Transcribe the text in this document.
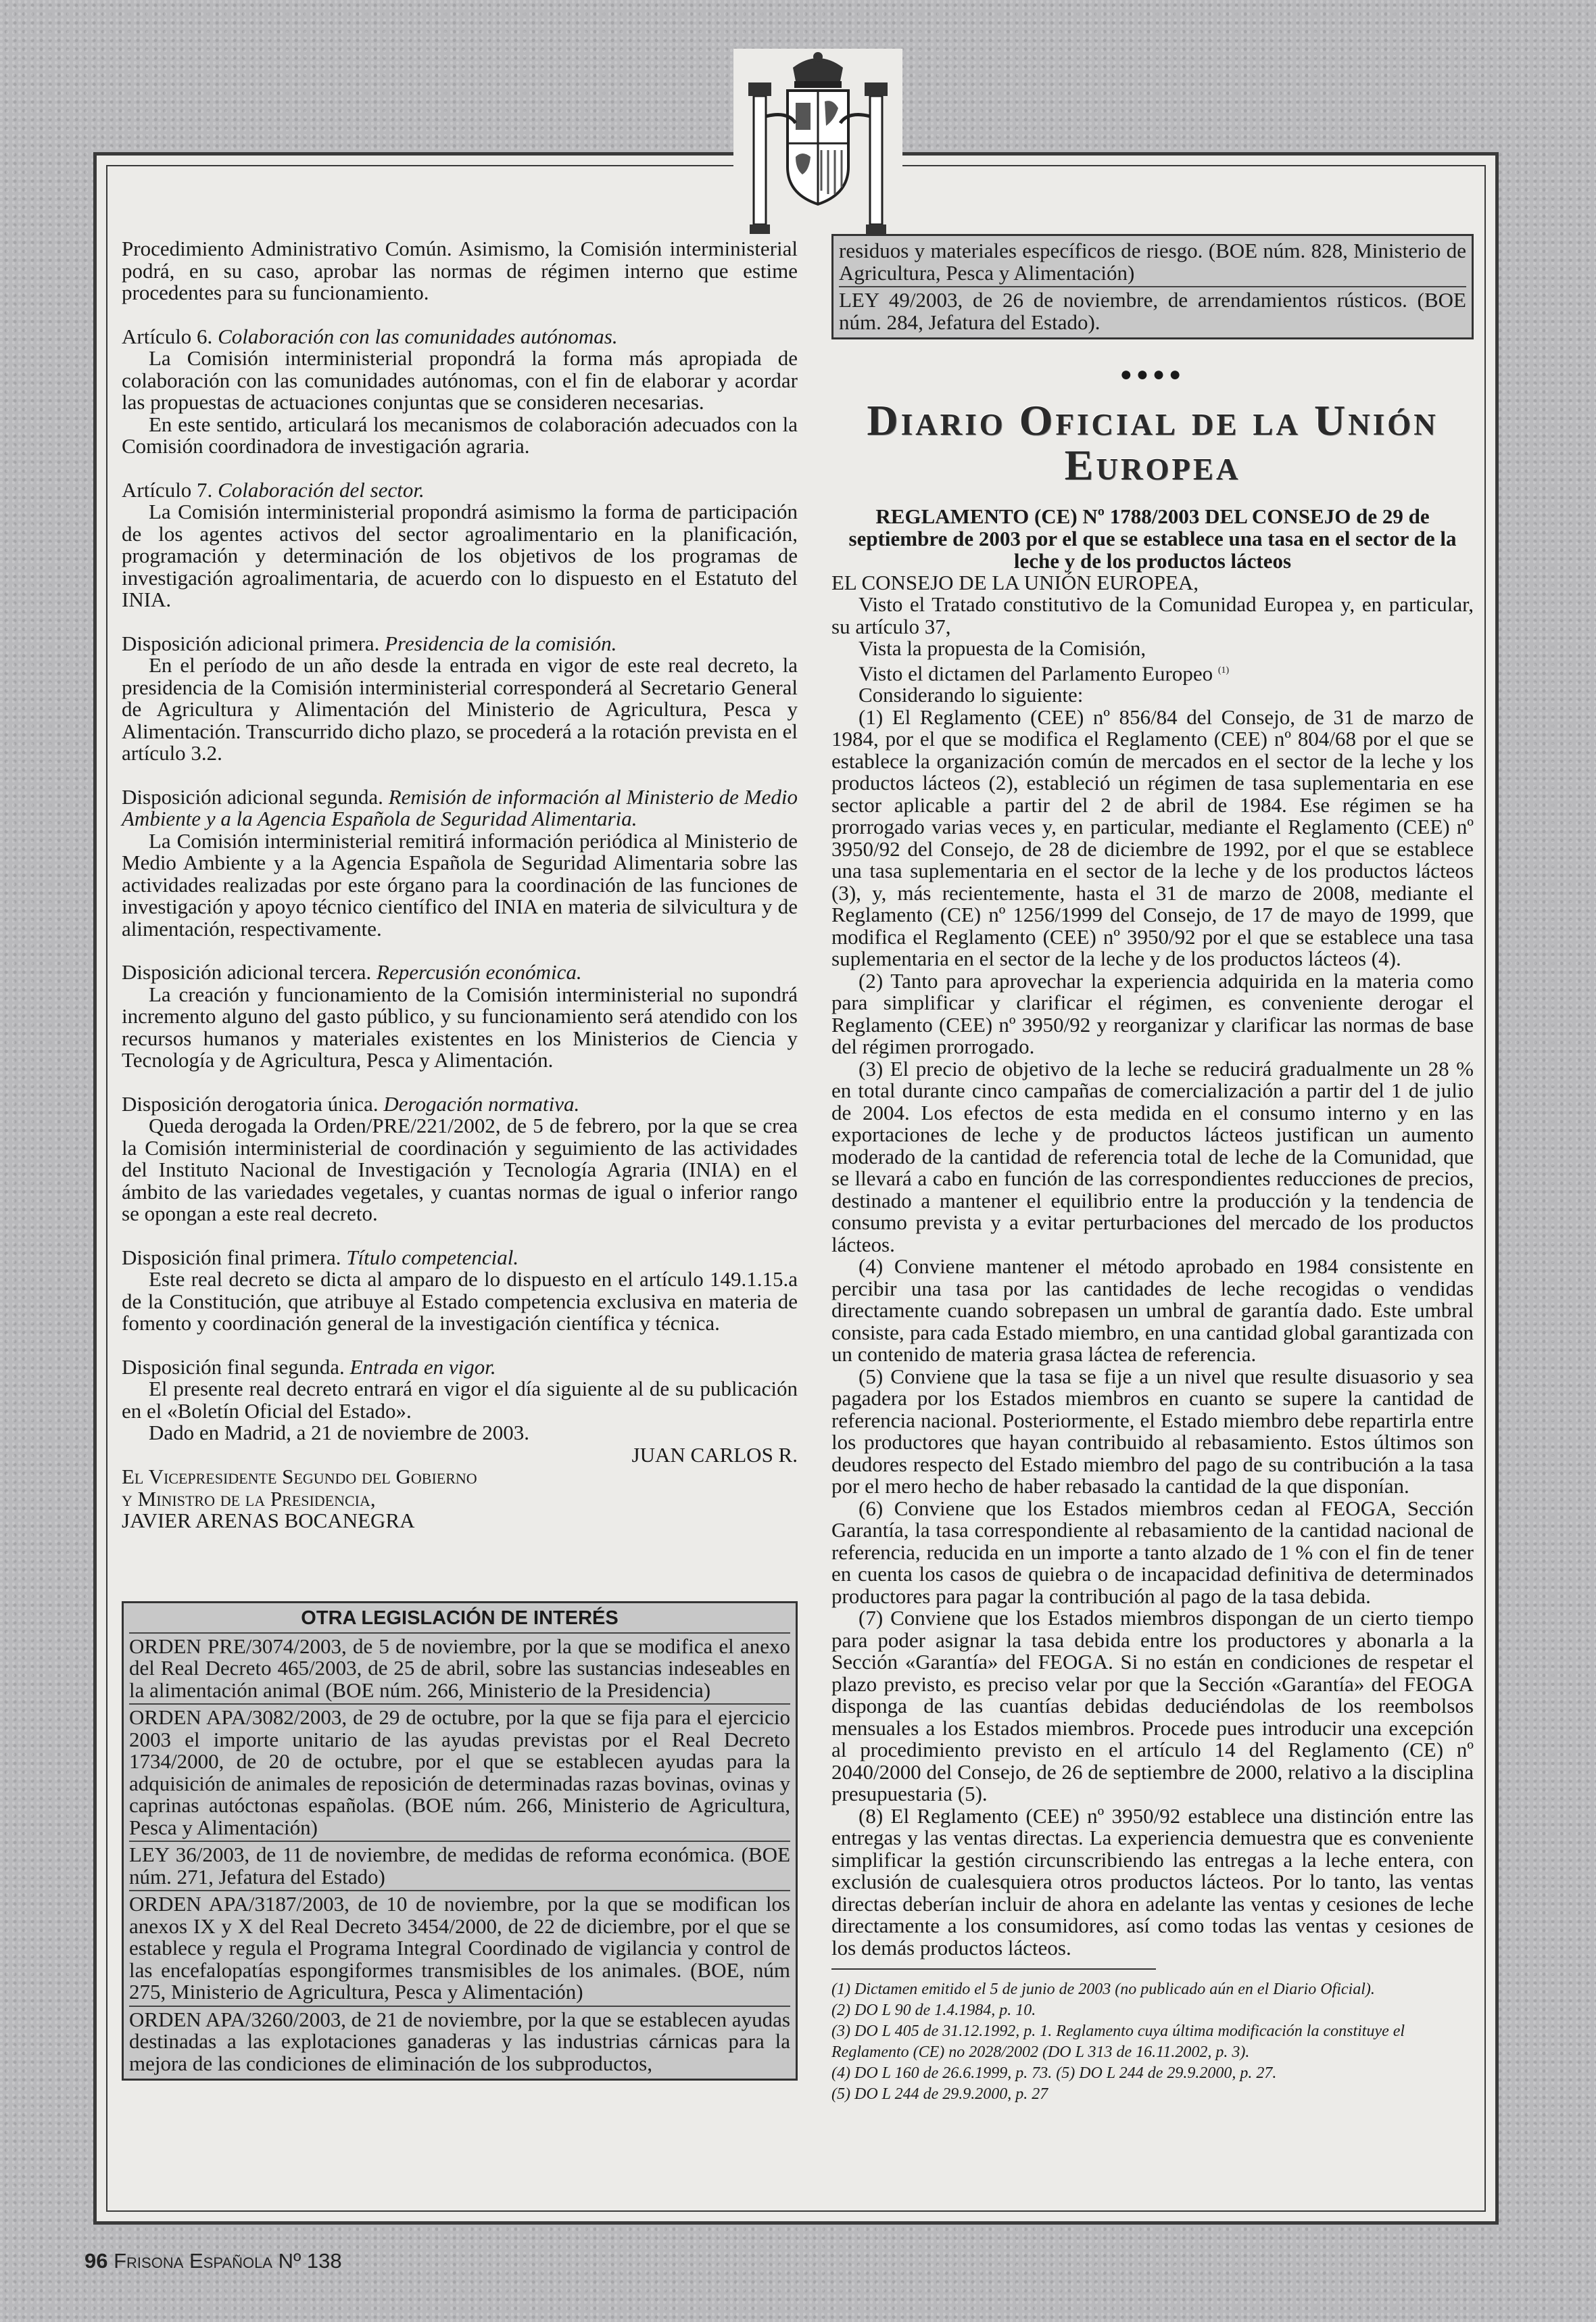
Procedimiento Administrativo Común. Asimismo, la Comisión interministerial podrá, en su caso, aprobar las normas de régimen interno que estime procedentes para su funcionamiento.

Artículo 6. Colaboración con las comunidades autónomas.

La Comisión interministerial propondrá la forma más apropiada de colaboración con las comunidades autónomas, con el fin de elaborar y acordar las propuestas de actuaciones conjuntas que se consideren necesarias.

En este sentido, articulará los mecanismos de colaboración adecuados con la Comisión coordinadora de investigación agraria.

Artículo 7. Colaboración del sector.

La Comisión interministerial propondrá asimismo la forma de participación de los agentes activos del sector agroalimentario en la planificación, programación y determinación de los objetivos de los programas de investigación agroalimentaria, de acuerdo con lo dispuesto en el Estatuto del INIA.

Disposición adicional primera. Presidencia de la comisión.

En el período de un año desde la entrada en vigor de este real decreto, la presidencia de la Comisión interministerial corresponderá al Secretario General de Agricultura y Alimentación del Ministerio de Agricultura, Pesca y Alimentación. Transcurrido dicho plazo, se procederá a la rotación prevista en el artículo 3.2.

Disposición adicional segunda. Remisión de información al Ministerio de Medio Ambiente y a la Agencia Española de Seguridad Alimentaria.

La Comisión interministerial remitirá información periódica al Ministerio de Medio Ambiente y a la Agencia Española de Seguridad Alimentaria sobre las actividades realizadas por este órgano para la coordinación de las funciones de investigación y apoyo técnico científico del INIA en materia de silvicultura y de alimentación, respectivamente.

Disposición adicional tercera. Repercusión económica.

La creación y funcionamiento de la Comisión interministerial no supondrá incremento alguno del gasto público, y su funcionamiento será atendido con los recursos humanos y materiales existentes en los Ministerios de Ciencia y Tecnología y de Agricultura, Pesca y Alimentación.

Disposición derogatoria única. Derogación normativa.

Queda derogada la Orden/PRE/221/2002, de 5 de febrero, por la que se crea la Comisión interministerial de coordinación y seguimiento de las actividades del Instituto Nacional de Investigación y Tecnología Agraria (INIA) en el ámbito de las variedades vegetales, y cuantas normas de igual o inferior rango se opongan a este real decreto.

Disposición final primera. Título competencial.

Este real decreto se dicta al amparo de lo dispuesto en el artículo 149.1.15.a de la Constitución, que atribuye al Estado competencia exclusiva en materia de fomento y coordinación general de la investigación científica y técnica.

Disposición final segunda. Entrada en vigor.

El presente real decreto entrará en vigor el día siguiente al de su publicación en el «Boletín Oficial del Estado».

Dado en Madrid, a 21 de noviembre de 2003.

JUAN CARLOS R.

El Vicepresidente Segundo del Gobierno

y Ministro de la Presidencia,

JAVIER ARENAS BOCANEGRA

OTRA LEGISLACIÓN DE INTERÉS

ORDEN PRE/3074/2003, de 5 de noviembre, por la que se modifica el anexo del Real Decreto 465/2003, de 25 de abril, sobre las sustancias indeseables en la alimentación animal (BOE núm. 266, Ministerio de la Presidencia)

ORDEN APA/3082/2003, de 29 de octubre, por la que se fija para el ejercicio 2003 el importe unitario de las ayudas previstas por el Real Decreto 1734/2000, de 20 de octubre, por el que se establecen ayudas para la adquisición de animales de reposición de determinadas razas bovinas, ovinas y caprinas autóctonas españolas. (BOE núm. 266, Ministerio de Agricultura, Pesca y Alimentación)

LEY 36/2003, de 11 de noviembre, de medidas de reforma económica. (BOE núm. 271, Jefatura del Estado)

ORDEN APA/3187/2003, de 10 de noviembre, por la que se modifican los anexos IX y X del Real Decreto 3454/2000, de 22 de diciembre, por el que se establece y regula el Programa Integral Coordinado de vigilancia y control de las encefalopatías espongiformes transmisibles de los animales. (BOE, núm 275, Ministerio de Agricultura, Pesca y Alimentación)

ORDEN APA/3260/2003, de 21 de noviembre, por la que se establecen ayudas destinadas a las explotaciones ganaderas y las industrias cárnicas para la mejora de las condiciones de eliminación de los subproductos,

residuos y materiales específicos de riesgo. (BOE núm. 828, Ministerio de Agricultura, Pesca y Alimentación)

LEY 49/2003, de 26 de noviembre, de arrendamientos rústicos. (BOE núm. 284, Jefatura del Estado).

●●●●
Diario Oficial de la Unión Europea

REGLAMENTO (CE) Nº 1788/2003 DEL CONSEJO de 29 de septiembre de 2003 por el que se establece una tasa en el sector de la leche y de los productos lácteos

EL CONSEJO DE LA UNIÓN EUROPEA,

Visto el Tratado constitutivo de la Comunidad Europea y, en particular, su artículo 37,

Vista la propuesta de la Comisión,

Visto el dictamen del Parlamento Europeo $^{(1)}$

Considerando lo siguiente:

(1) El Reglamento (CEE) nº 856/84 del Consejo, de 31 de marzo de 1984, por el que se modifica el Reglamento (CEE) nº 804/68 por el que se establece la organización común de mercados en el sector de la leche y los productos lácteos (2), estableció un régimen de tasa suplementaria en ese sector aplicable a partir del 2 de abril de 1984. Ese régimen se ha prorrogado varias veces y, en particular, mediante el Reglamento (CEE) nº 3950/92 del Consejo, de 28 de diciembre de 1992, por el que se establece una tasa suplementaria en el sector de la leche y de los productos lácteos (3), y, más recientemente, hasta el 31 de marzo de 2008, mediante el Reglamento (CE) nº 1256/1999 del Consejo, de 17 de mayo de 1999, que modifica el Reglamento (CEE) nº 3950/92 por el que se establece una tasa suplementaria en el sector de la leche y de los productos lácteos (4).

(2) Tanto para aprovechar la experiencia adquirida en la materia como para simplificar y clarificar el régimen, es conveniente derogar el Reglamento (CEE) nº 3950/92 y reorganizar y clarificar las normas de base del régimen prorrogado.

(3) El precio de objetivo de la leche se reducirá gradualmente un 28 % en total durante cinco campañas de comercialización a partir del 1 de julio de 2004. Los efectos de esta medida en el consumo interno y en las exportaciones de leche y de productos lácteos justifican un aumento moderado de la cantidad de referencia total de leche de la Comunidad, que se llevará a cabo en función de las correspondientes reducciones de precios, destinado a mantener el equilibrio entre la producción y la tendencia de consumo prevista y a evitar perturbaciones del mercado de los productos lácteos.

(4) Conviene mantener el método aprobado en 1984 consistente en percibir una tasa por las cantidades de leche recogidas o vendidas directamente cuando sobrepasen un umbral de garantía dado. Este umbral consiste, para cada Estado miembro, en una cantidad global garantizada con un contenido de materia grasa láctea de referencia.

(5) Conviene que la tasa se fije a un nivel que resulte disuasorio y sea pagadera por los Estados miembros en cuanto se supere la cantidad de referencia nacional. Posteriormente, el Estado miembro debe repartirla entre los productores que hayan contribuido al rebasamiento. Estos últimos son deudores respecto del Estado miembro del pago de su contribución a la tasa por el mero hecho de haber rebasado la cantidad de la que disponían.

(6) Conviene que los Estados miembros cedan al FEOGA, Sección Garantía, la tasa correspondiente al rebasamiento de la cantidad nacional de referencia, reducida en un importe a tanto alzado de 1 % con el fin de tener en cuenta los casos de quiebra o de incapacidad definitiva de determinados productores para pagar la contribución al pago de la tasa debida.

(7) Conviene que los Estados miembros dispongan de un cierto tiempo para poder asignar la tasa debida entre los productores y abonarla a la Sección «Garantía» del FEOGA. Si no están en condiciones de respetar el plazo previsto, es preciso velar por que la Sección «Garantía» del FEOGA disponga de las cuantías debidas deduciéndolas de los reembolsos mensuales a los Estados miembros. Procede pues introducir una excepción al procedimiento previsto en el artículo 14 del Reglamento (CE) nº 2040/2000 del Consejo, de 26 de septiembre de 2000, relativo a la disciplina presupuestaria (5).

(8) El Reglamento (CEE) nº 3950/92 establece una distinción entre las entregas y las ventas directas. La experiencia demuestra que es conveniente simplificar la gestión circunscribiendo las entregas a la leche entera, con exclusión de cualesquiera otros productos lácteos. Por lo tanto, las ventas directas deberían incluir de ahora en adelante las ventas y cesiones de leche directamente a los consumidores, así como todas las ventas y cesiones de los demás productos lácteos.

(1) Dictamen emitido el 5 de junio de 2003 (no publicado aún en el Diario Oficial).

(2) DO L 90 de 1.4.1984, p. 10.

(3) DO L 405 de 31.12.1992, p. 1. Reglamento cuya última modificación la constituye el Reglamento (CE) no 2028/2002 (DO L 313 de 16.11.2002, p. 3).

(4) DO L 160 de 26.6.1999, p. 73. (5) DO L 244 de 29.9.2000, p. 27.

(5) DO L 244 de 29.9.2000, p. 27

96 Frisona Española Nº 138
